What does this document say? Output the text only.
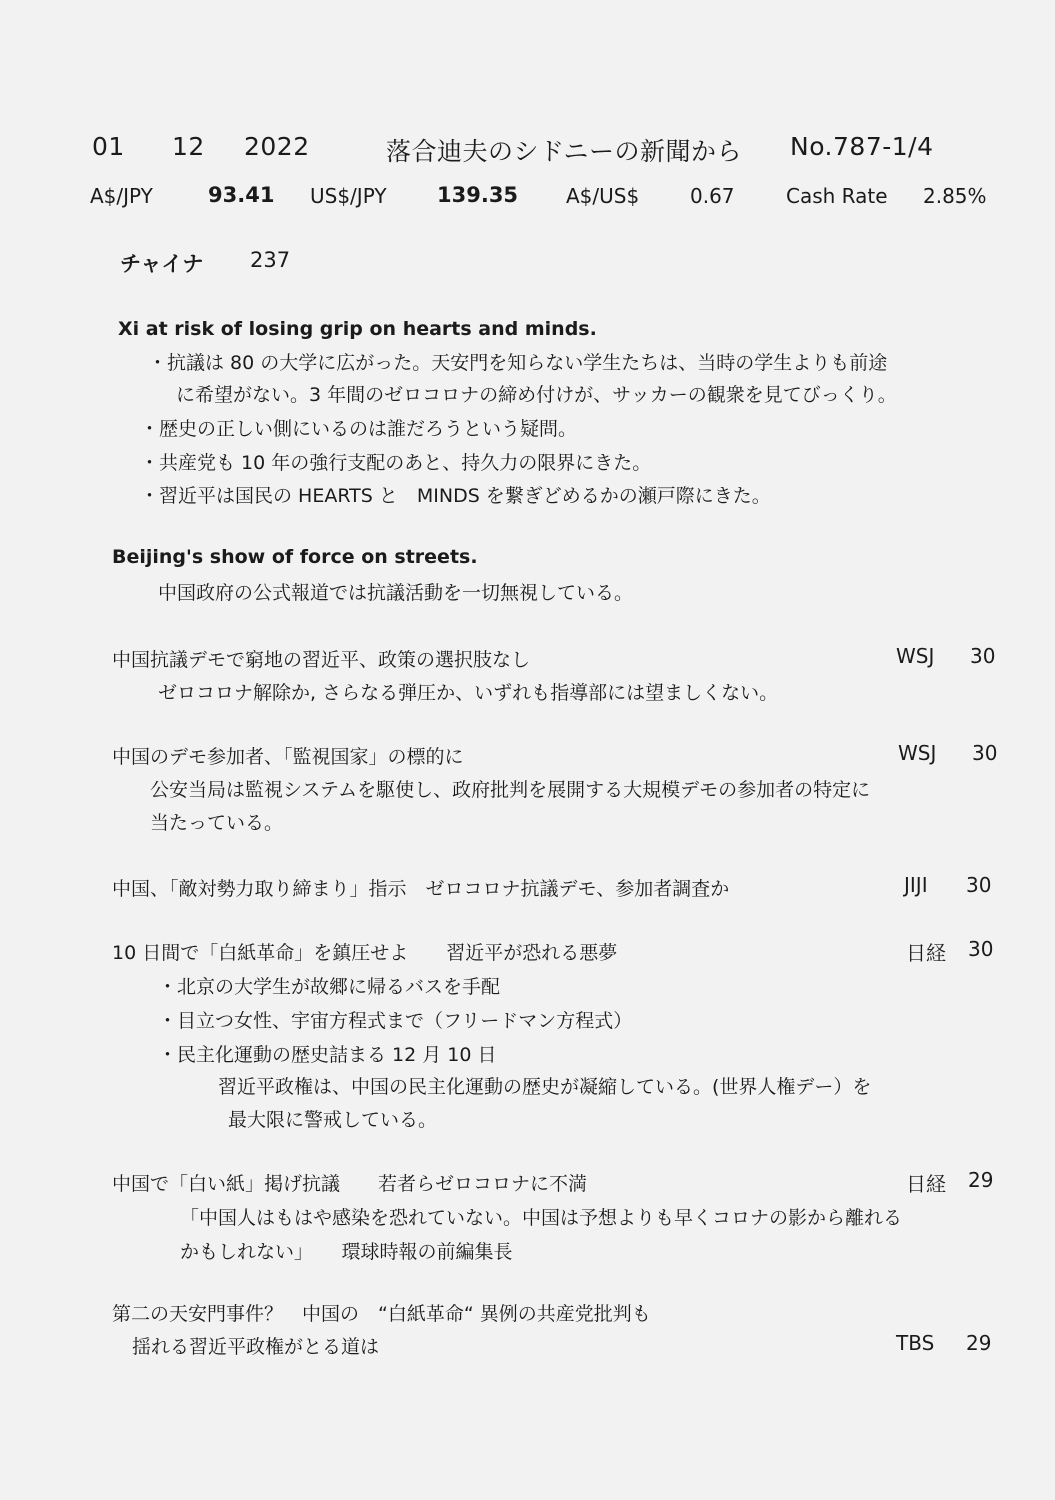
01 12 2022	落合迪夫のシドニーの新聞から No.787-1/4
A$/JPY	93.41 US$/JPY 139.35 A$/US$	0.67	Cash Rate 2.85%
チャイナ 237
Xi at risk of losing grip on hearts and minds.
・抗議は 80 の大学に広がった。天安門を知らない学生たちは、当時の学生よりも前途
に希望がない。3 年間のゼロコロナの締め付けが、サッカーの観衆を見てびっくり。
・歴史の正しい側にいるのは誰だろうという疑問。
・共産党も 10 年の強行支配のあと、持久力の限界にきた。
・習近平は国民の HEARTS と　MINDS を繋ぎどめるかの瀬戸際にきた。
Beijing's show of force on streets.
中国政府の公式報道では抗議活動を一切無視している。
中国抗議デモで窮地の習近平、政策の選択肢なし	WSJ 30
ゼロコロナ解除か, さらなる弾圧か、いずれも指導部には望ましくない。
中国のデモ参加者、「監視国家」の標的に	WSJ 30
公安当局は監視システムを駆使し、政府批判を展開する大規模デモの参加者の特定に
当たっている。
中国、「敵対勢力取り締まり」指示　ゼロコロナ抗議デモ、参加者調査か	JIJI 30
10 日間で「白紙革命」を鎮圧せよ　　習近平が恐れる悪夢	日経 30
・北京の大学生が故郷に帰るバスを手配
・目立つ女性、宇宙方程式まで（フリードマン方程式）
・民主化運動の歴史詰まる 12 月 10 日
習近平政権は、中国の民主化運動の歴史が凝縮している。(世界人権デー）を
最大限に警戒している。
中国で「白い紙」掲げ抗議　　若者らゼロコロナに不満	日経 29
「中国人はもはや感染を恐れていない。中国は予想よりも早くコロナの影から離れる
かもしれない」　　環球時報の前編集長
第二の天安門事件？　中国の　“白紙革命“ 異例の共産党批判も
揺れる習近平政権がとる道は	TBS 29
